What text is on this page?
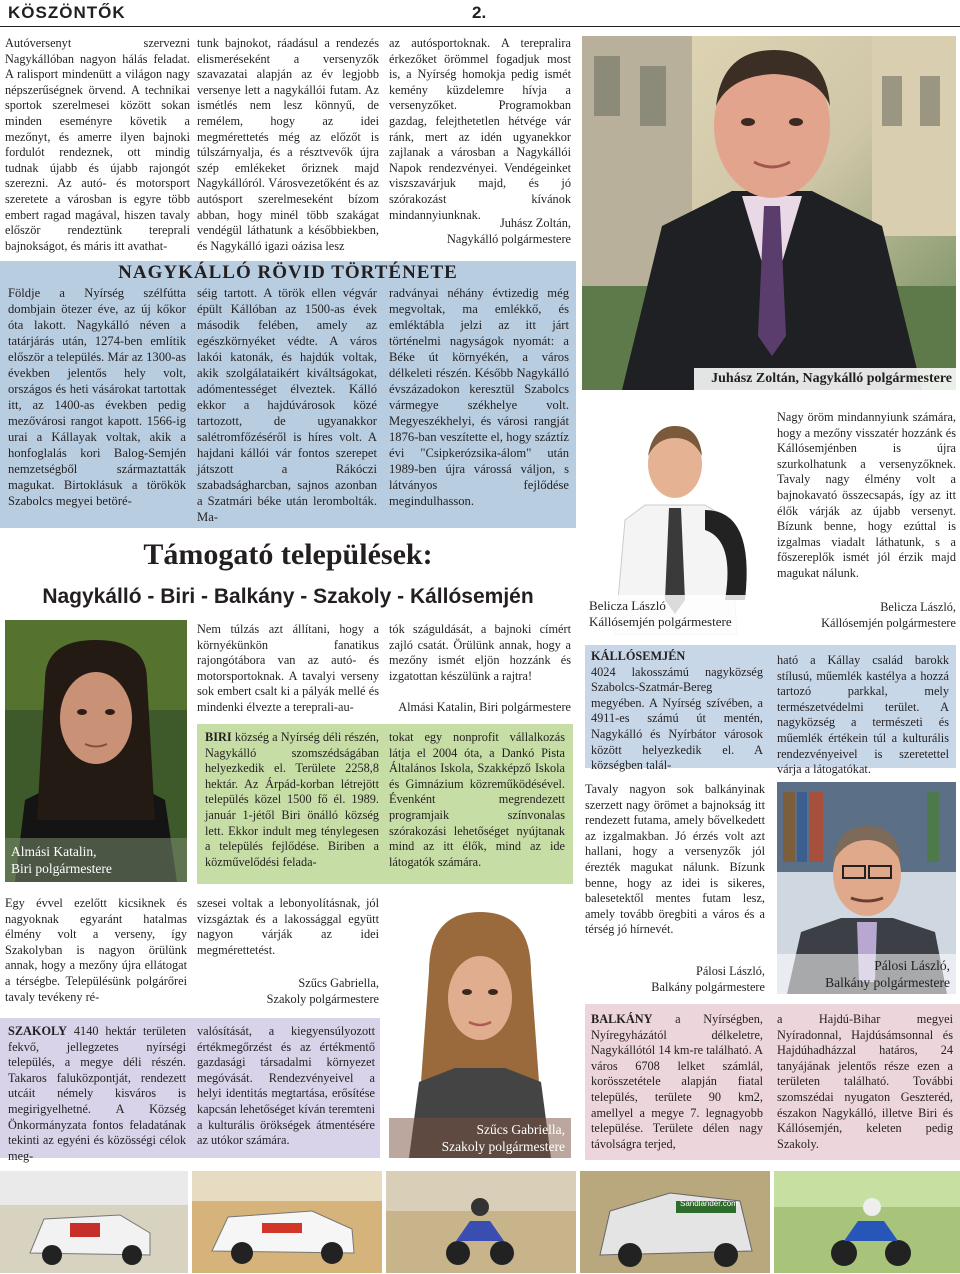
KÖSZÖNTŐK	2.

Autóversenyt szervezni Nagykállóban nagyon hálás feladat. A ralisport mindenütt a világon nagy népszerűségnek örvend. A technikai sportok szerelmesei között sokan minden eseményre követik a mezőnyt, és amerre ilyen bajnoki fordulót rendeznek, ott mindig tudnak újabb és újabb rajongót szerezni. Az autó- és motorsport szeretete a városban is egyre több embert ragad magával, hiszen tavaly először rendeztünk tereprali bajnokságot, és máris itt avathat-

tunk bajnokot, ráadásul a rendezés elismeréseként a versenyzők szavazatai alapján az év legjobb versenye lett a nagykállói futam. Az ismétlés nem lesz könnyű, de remélem, hogy az idei megmérettetés még az előzőt is túlszárnyalja, és a résztvevők újra szép emlékeket őriznek majd Nagykállóról. Városvezetőként és az autósport szerelmeseként bízom abban, hogy minél több szakágat vendégül láthatunk a későbbiekben, és Nagykálló igazi oázisa lesz

az autósportoknak. A terepralira érkezőket örömmel fogadjuk most is, a Nyírség homokja pedig ismét kemény küzdelemre hívja a versenyzőket. Programokban gazdag, felejthetetlen hétvége vár ránk, mert az idén ugyanekkor zajlanak a városban a Nagykállói Napok rendezvényei. Vendégeinket viszszavárjuk majd, és jó szórakozást kívánok mindannyiunknak.

Juhász Zoltán,

Nagykálló polgármestere

Juhász Zoltán, Nagykálló polgármestere
NAGYKÁLLÓ RÖVID TÖRTÉNETE

Földje a Nyírség szélfútta dombjain ötezer éve, az új kőkor óta lakott. Nagykálló néven a tatárjárás után, 1274-ben említik először a település. Már az 1300-as években jelentős hely volt, országos és heti vásárokat tartottak itt, az 1400-as években pedig mezővárosi rangot kapott. 1566-ig urai a Kállayak voltak, akik a honfoglalás kori Balog-Semjén nemzetségből származtatták magukat. Birtoklásuk a törökök Szabolcs megyei betöré-

séig tartott. A török ellen végvár épült Kállóban az 1500-as évek második felében, amely az egészkörnyéket védte. A város lakói katonák, és hajdúk voltak, akik szolgálataikért kiváltságokat, adómentességet élveztek. Kálló ekkor a hajdúvárosok közé tartozott, de ugyanakkor salétromfőzéséről is híres volt. A hajdani kállói vár fontos szerepet játszott a Rákóczi szabadságharcban, sajnos azonban a Szatmári béke után lerombolták. Ma-

radványai néhány évtizedig még megvoltak, ma emlékkő, és emléktábla jelzi az itt járt történelmi nagyságok nyomát: a Béke út környékén, a város délkeleti részén. Később Nagykálló évszázadokon keresztül Szabolcs vármegye székhelye volt. Megyeszékhelyi, és városi rangját 1876-ban veszítette el, hogy száztíz évi "Csipkerózsika-álom" után 1989-ben újra várossá váljon, s látványos fejlődése megindulhasson.

Belicza László
Kállósemjén polgármestere

Nagy öröm mindannyiunk számára, hogy a mezőny visszatér hozzánk és Kállósemjénben is újra szurkolhatunk a versenyzőknek. Tavaly nagy élmény volt a bajnokavató összecsapás, így az itt élők várják az újabb versenyt. Bízunk benne, hogy ezúttal is izgalmas viadalt láthatunk, s a főszereplők ismét jól érzik majd magukat nálunk.

Belicza László,

Kállósemjén polgármestere

Támogató települések:
Nagykálló - Biri - Balkány - Szakoly - Kállósemjén
Almási Katalin,
Biri polgármestere

Nem túlzás azt állítani, hogy a környékünkön fanatikus rajongótábora van az autó- és motorsportoknak. A tavalyi verseny sok embert csalt ki a pályák mellé és mindenki élvezte a tereprali-au-

tók száguldását, a bajnoki címért zajló csatát. Örülünk annak, hogy a mezőny ismét eljön hozzánk és izgatottan készülünk a rajtra!

Almási Katalin, Biri polgármestere

BIRI község a Nyírség déli részén, Nagykálló szomszédságában helyezkedik el. Területe 2258,8 hektár. Az Árpád-korban létrejött település közel 1500 fő él. 1989. január 1-jétől Biri önálló község lett. Ekkor indult meg ténylegesen a település fejlődése. Biriben a közművelődési felada-

tokat egy nonprofit vállalkozás látja el 2004 óta, a Dankó Pista Általános Iskola, Szakképző Iskola és Gimnázium közreműködésével. Évenként megrendezett programjaik színvonalas szórakozási lehetőséget nyújtanak mind az itt élők, mind az ide látogatók számára.

KÁLLÓSEMJÉN

4024 lakosszámú nagyközség Szabolcs-Szatmár-Bereg megyében. A Nyírség szívében, a 4911-es számú út mentén, Nagykálló és Nyírbátor városok között helyezkedik el. A községben talál-

ható a Kállay család barokk stílusú, műemlék kastélya a hozzá tartozó parkkal, mely természetvédelmi terület. A nagyközség a természeti és műemlék értékein túl a kulturális rendezvényeivel is szeretettel várja a látogatókat.

Egy évvel ezelőtt kicsiknek és nagyoknak egyaránt hatalmas élmény volt a verseny, így Szakolyban is nagyon örülünk annak, hogy a mezőny újra ellátogat a térségbe. Településünk polgárőrei tavaly tevékeny ré-

szesei voltak a lebonyolításnak, jól vizsgáztak és a lakossággal együtt nagyon várják az idei megmérettetést.

Szűcs Gabriella,

Szakoly polgármestere

Szűcs Gabriella,
Szakoly polgármestere

SZAKOLY 4140 hektár területen fekvő, jellegzetes nyírségi település, a megye déli részén. Takaros faluközpontját, rendezett utcáit némely kisváros is megirigyelhetné. A Község Önkormányzata fontos feladatának tekinti az egyéni és közösségi célok meg-

valósítását, a kiegyensúlyozott értékmegőrzést és az értékmentő gazdasági társadalmi környezet megóvását. Rendezvényeivel a helyi identitás megtartása, erősítése kapcsán lehetőséget kíván teremteni a kulturális örökségek átmentésére az utókor számára.

Tavaly nagyon sok balkányinak szerzett nagy örömet a bajnokság itt rendezett futama, amely bővelkedett az izgalmakban. Jó érzés volt azt hallani, hogy a versenyzők jól érezték magukat nálunk. Bízunk benne, hogy az idei is sikeres, balesetektől mentes futam lesz, amely tovább öregbiti a város és a térség jó hírnevét.

Pálosi László,

Balkány polgármestere

Pálosi László,
Balkány polgármestere

BALKÁNY a Nyírségben, Nyíregyházától délkeletre, Nagykállótól 14 km-re található. A város 6708 lelket számlál, korösszetétele alapján fiatal település, területe 90 km2, amellyel a megye 7. legnagyobb települése. Területe délen nagy távolságra terjed,

a Hajdú-Bihar megyei Nyíradonnal, Hajdúsámsonnal és Hajdúhadházzal határos, 24 tanyájának jelentős része ezen a területen található. További szomszédai nyugaton Geszteréd, északon Nagykálló, illetve Biri és Kállósemjén, keleten pedig Szakoly.

Sandlander.com
